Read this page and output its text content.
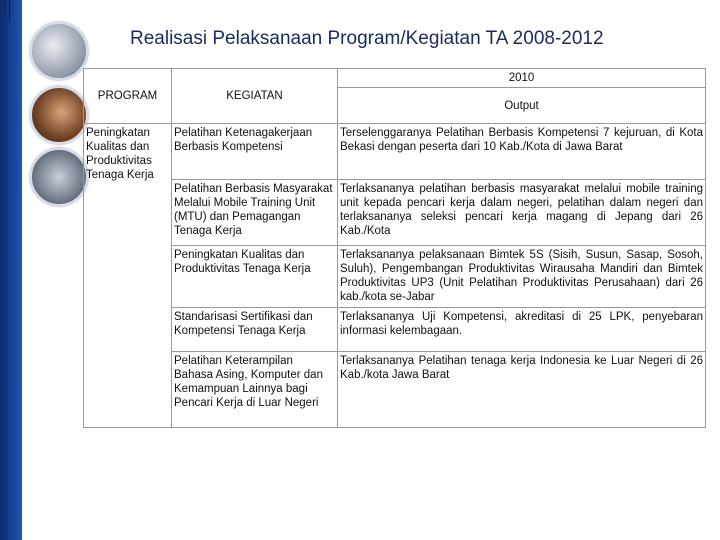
Realisasi Pelaksanaan Program/Kegiatan TA 2008-2012
PROGRAM	KEGIATAN	2010
		Output
Peningkatan Kualitas dan Produktivitas Tenaga Kerja	Pelatihan Ketenagakerjaan Berbasis Kompetensi	Terselenggaranya Pelatihan Berbasis Kompetensi 7 kejuruan, di Kota Bekasi dengan peserta dari 10 Kab./Kota di Jawa Barat
	Pelatihan Berbasis Masyarakat Melalui Mobile Training Unit (MTU) dan Pemagangan Tenaga Kerja	Terlaksananya pelatihan berbasis masyarakat melalui mobile training unit kepada pencari kerja dalam negeri, pelatihan dalam negeri dan terlaksananya seleksi pencari kerja magang di Jepang dari 26 Kab./Kota
	Peningkatan Kualitas dan Produktivitas Tenaga Kerja	Terlaksananya pelaksanaan Bimtek 5S (Sisih, Susun, Sasap, Sosoh, Suluh), Pengembangan Produktivitas Wirausaha Mandiri dan Bimtek Produktivitas UP3 (Unit Pelatihan Produktivitas Perusahaan) dari 26 kab./kota se-Jabar
	Standarisasi Sertifikasi dan Kompetensi Tenaga Kerja	Terlaksananya Uji Kompetensi, akreditasi di 25 LPK, penyebaran informasi kelembagaan.
	Pelatihan Keterampilan Bahasa Asing, Komputer dan Kemampuan Lainnya bagi Pencari Kerja di Luar Negeri	Terlaksananya Pelatihan tenaga kerja Indonesia ke Luar Negeri di 26 Kab./kota Jawa Barat
